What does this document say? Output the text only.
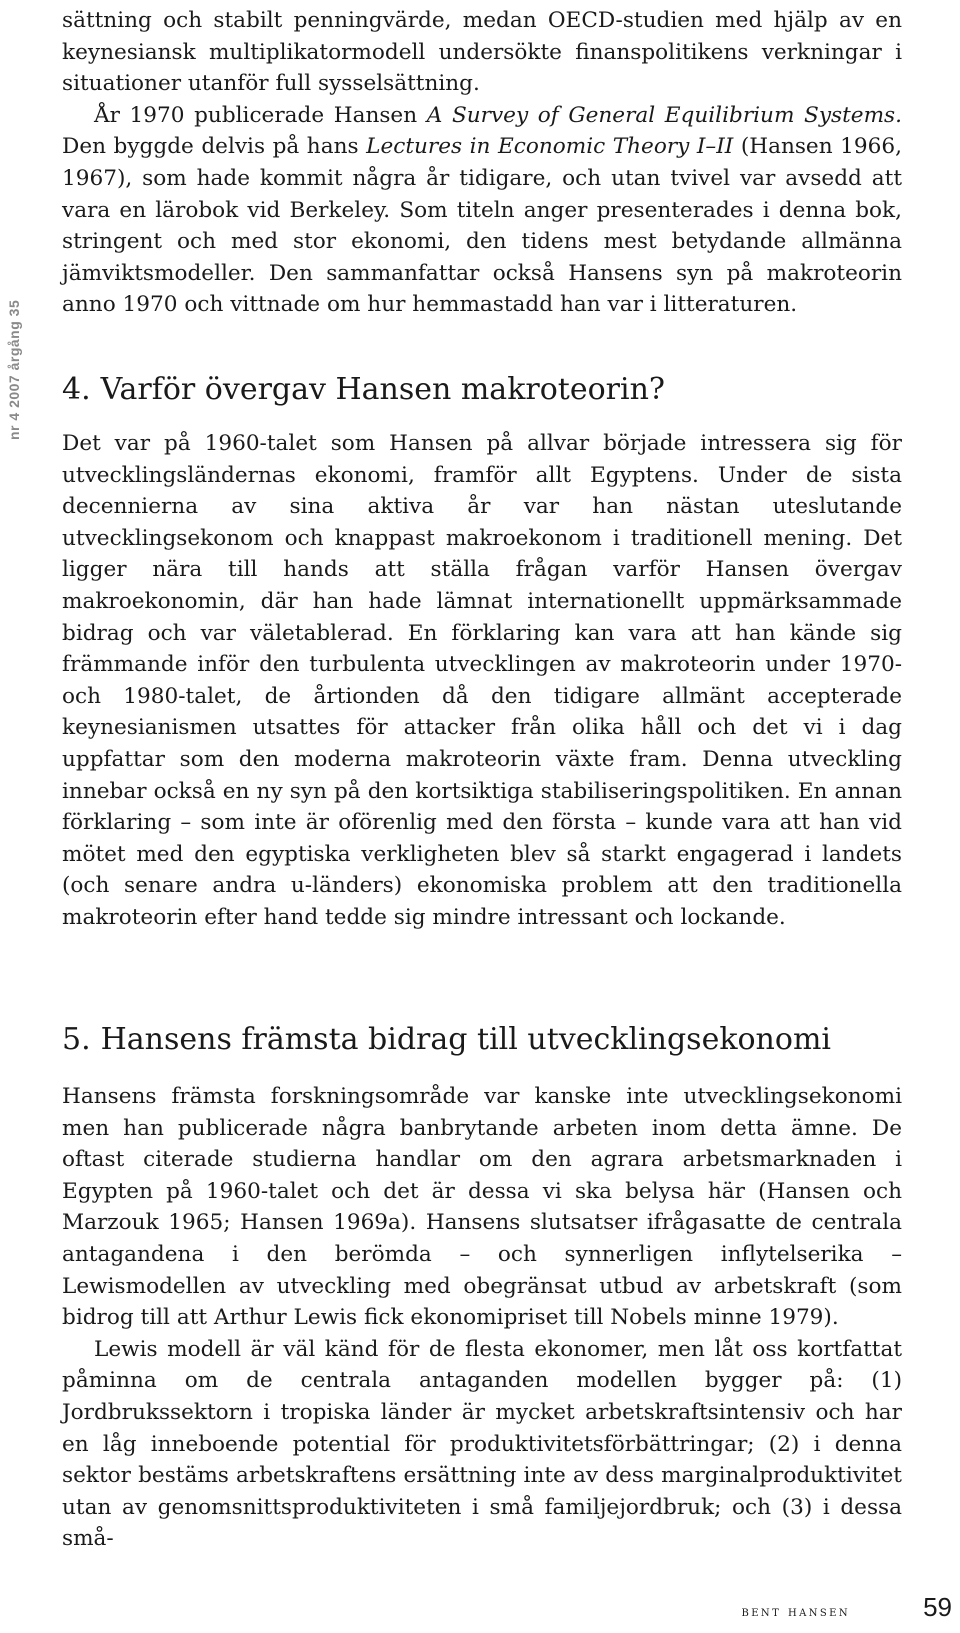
nr 4 2007 årgång 35

sättning och stabilt penningvärde, medan OECD-studien med hjälp av en keynesiansk multiplikatormodell undersökte finanspolitikens verkningar i situationer utanför full sysselsättning.

År 1970 publicerade Hansen A Survey of General Equilibrium Systems. Den byggde delvis på hans Lectures in Economic Theory I–II (Hansen 1966, 1967), som hade kommit några år tidigare, och utan tvivel var avsedd att vara en lärobok vid Berkeley. Som titeln anger presenterades i denna bok, stringent och med stor ekonomi, den tidens mest betydande allmänna jämviktsmodeller. Den sammanfattar också Hansens syn på makroteorin anno 1970 och vittnade om hur hemmastadd han var i litteraturen.

4. Varför övergav Hansen makroteorin?

Det var på 1960-talet som Hansen på allvar började intressera sig för utvecklingsländernas ekonomi, framför allt Egyptens. Under de sista decennierna av sina aktiva år var han nästan uteslutande utvecklingsekonom och knappast makroekonom i traditionell mening. Det ligger nära till hands att ställa frågan varför Hansen övergav makroekonomin, där han hade lämnat internationellt uppmärksammade bidrag och var väletablerad. En förklaring kan vara att han kände sig främmande inför den turbulenta utvecklingen av makroteorin under 1970- och 1980-talet, de årtionden då den tidigare allmänt accepterade keynesianismen utsattes för attacker från olika håll och det vi i dag uppfattar som den moderna makroteorin växte fram. Denna utveckling innebar också en ny syn på den kortsiktiga stabiliseringspolitiken. En annan förklaring – som inte är oförenlig med den första – kunde vara att han vid mötet med den egyptiska verkligheten blev så starkt engagerad i landets (och senare andra u-länders) ekonomiska problem att den traditionella makroteorin efter hand tedde sig mindre intressant och lockande.

5. Hansens främsta bidrag till utvecklingsekonomi

Hansens främsta forskningsområde var kanske inte utvecklingsekonomi men han publicerade några banbrytande arbeten inom detta ämne. De oftast citerade studierna handlar om den agrara arbetsmarknaden i Egypten på 1960-talet och det är dessa vi ska belysa här (Hansen och Marzouk 1965; Hansen 1969a). Hansens slutsatser ifrågasatte de centrala antagandena i den berömda – och synnerligen inflytelserika – Lewismodellen av utveckling med obegränsat utbud av arbetskraft (som bidrog till att Arthur Lewis fick ekonomipriset till Nobels minne 1979).

Lewis modell är väl känd för de flesta ekonomer, men låt oss kortfattat påminna om de centrala antaganden modellen bygger på: (1) Jordbrukssektorn i tropiska länder är mycket arbetskraftsintensiv och har en låg inneboende potential för produktivitetsförbättringar; (2) i denna sektor bestäms arbetskraftens ersättning inte av dess marginalproduktivitet utan av genomsnittsproduktiviteten i små familjejordbruk; och (3) i dessa små-

bent hansen	59
